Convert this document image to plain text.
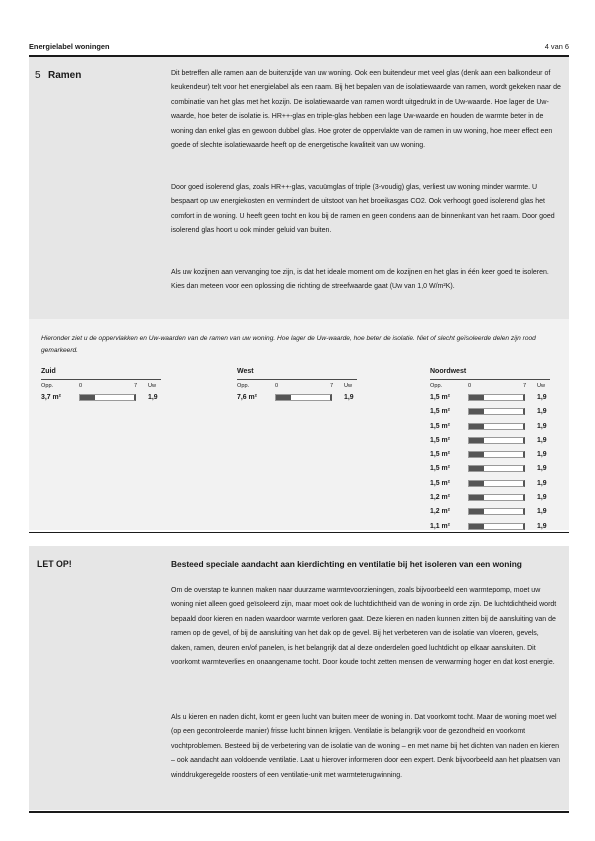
Energielabel woningen	4 van 6
5 Ramen	Dit betreffen alle ramen aan de buitenzijde van uw woning. Ook een buitendeur met veel glas (denk aan een balkondeur of keukendeur) telt voor het energielabel als een raam. Bij het bepalen van de isolatiewaarde van ramen, wordt gekeken naar de combinatie van het glas met het kozijn. De isolatiewaarde van ramen wordt uitgedrukt in de Uw-waarde. Hoe lager de Uw-waarde, hoe beter de isolatie is. HR++-glas en triple-glas hebben een lage Uw-waarde en houden de warmte beter in de woning dan enkel glas en gewoon dubbel glas. Hoe groter de oppervlakte van de ramen in uw woning, hoe meer effect een goede of slechte isolatiewaarde heeft op de energetische kwaliteit van uw woning.
Door goed isolerend glas, zoals HR++-glas, vacuümglas of triple (3-voudig) glas, verliest uw woning minder warmte. U bespaart op uw energiekosten en vermindert de uitstoot van het broeikasgas CO2. Ook verhoogt goed isolerend glas het comfort in de woning. U heeft geen tocht en kou bij de ramen en geen condens aan de binnenkant van het raam. Door goed isolerend glas hoort u ook minder geluid van buiten.
Als uw kozijnen aan vervanging toe zijn, is dat het ideale moment om de kozijnen en het glas in één keer goed te isoleren. Kies dan meteen voor een oplossing die richting de streefwaarde gaat (Uw van 1,0 W/m²K).
Hieronder ziet u de oppervlakken en Uw-waarden van de ramen van uw woning. Hoe lager de Uw-waarde, hoe beter de isolatie. Niet of slecht geïsoleerde delen zijn rood gemarkeerd.
Zuid
Opp.	0	7 Uw
3,7 m²	1,9
West
Opp.	0	7 Uw
7,6 m²	1,9
Noordwest
Opp.	0	7 Uw
1,5 m²	1,9
1,5 m²	1,9
1,5 m²	1,9
1,5 m²	1,9
1,5 m²	1,9
1,5 m²	1,9
1,5 m²	1,9
1,2 m²	1,9
1,2 m²	1,9
1,1 m²	1,9
LET OP!	Besteed speciale aandacht aan kierdichting en ventilatie bij het isoleren van een woning
Om de overstap te kunnen maken naar duurzame warmtevoorzieningen, zoals bijvoorbeeld een warmtepomp, moet uw woning niet alleen goed geïsoleerd zijn, maar moet ook de luchtdichtheid van de woning in orde zijn. De luchtdichtheid wordt bepaald door kieren en naden waardoor warmte verloren gaat. Deze kieren en naden kunnen zitten bij de aansluiting van de ramen op de gevel, of bij de aansluiting van het dak op de gevel. Bij het verbeteren van de isolatie van vloeren, gevels, daken, ramen, deuren en/of panelen, is het belangrijk dat al deze onderdelen goed luchtdicht op elkaar aansluiten. Dit voorkomt warmteverlies en onaangename tocht. Door koude tocht zetten mensen de verwarming hoger en dat kost energie.
Als u kieren en naden dicht, komt er geen lucht van buiten meer de woning in. Dat voorkomt tocht. Maar de woning moet wel (op een gecontroleerde manier) frisse lucht binnen krijgen. Ventilatie is belangrijk voor de gezondheid en voorkomt vochtproblemen. Besteed bij de verbetering van de isolatie van de woning – en met name bij het dichten van naden en kieren – ook aandacht aan voldoende ventilatie. Laat u hierover informeren door een expert. Denk bijvoorbeeld aan het plaatsen van winddrukgeregelde roosters of een ventilatie-unit met warmteterugwinning.
